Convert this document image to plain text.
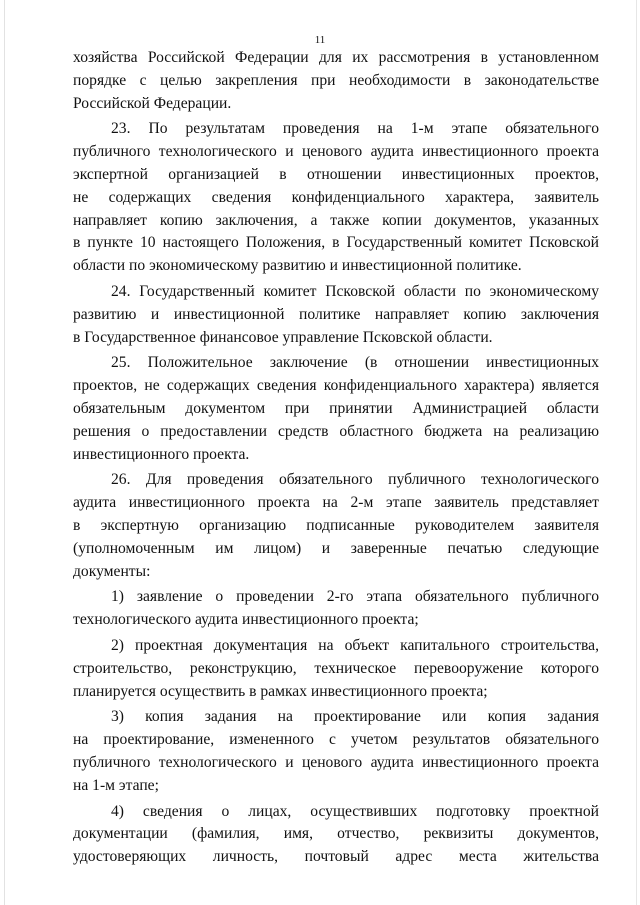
11

хозяйства Российской Федерации для их рассмотрения в установленном
порядке с целью закрепления при необходимости в законодательстве
Российской Федерации.

23. По результатам проведения на 1-м этапе обязательного
публичного технологического и ценового аудита инвестиционного проекта
экспертной организацией в отношении инвестиционных проектов,
не содержащих сведения конфиденциального характера, заявитель
направляет копию заключения, а также копии документов, указанных
в пункте 10 настоящего Положения, в Государственный комитет Псковской
области по экономическому развитию и инвестиционной политике.

24. Государственный комитет Псковской области по экономическому
развитию и инвестиционной политике направляет копию заключения
в Государственное финансовое управление Псковской области.

25. Положительное заключение (в отношении инвестиционных
проектов, не содержащих сведения конфиденциального характера) является
обязательным документом при принятии Администрацией области
решения о предоставлении средств областного бюджета на реализацию
инвестиционного проекта.

26. Для проведения обязательного публичного технологического
аудита инвестиционного проекта на 2-м этапе заявитель представляет
в экспертную организацию подписанные руководителем заявителя
(уполномоченным им лицом) и заверенные печатью следующие
документы:

1) заявление о проведении 2-го этапа обязательного публичного
технологического аудита инвестиционного проекта;

2) проектная документация на объект капитального строительства,
строительство, реконструкцию, техническое перевооружение которого
планируется осуществить в рамках инвестиционного проекта;

3) копия задания на проектирование или копия задания
на проектирование, измененного с учетом результатов обязательного
публичного технологического и ценового аудита инвестиционного проекта
на 1-м этапе;

4) сведения о лицах, осуществивших подготовку проектной
документации (фамилия, имя, отчество, реквизиты документов,
удостоверяющих личность, почтовый адрес места жительства
